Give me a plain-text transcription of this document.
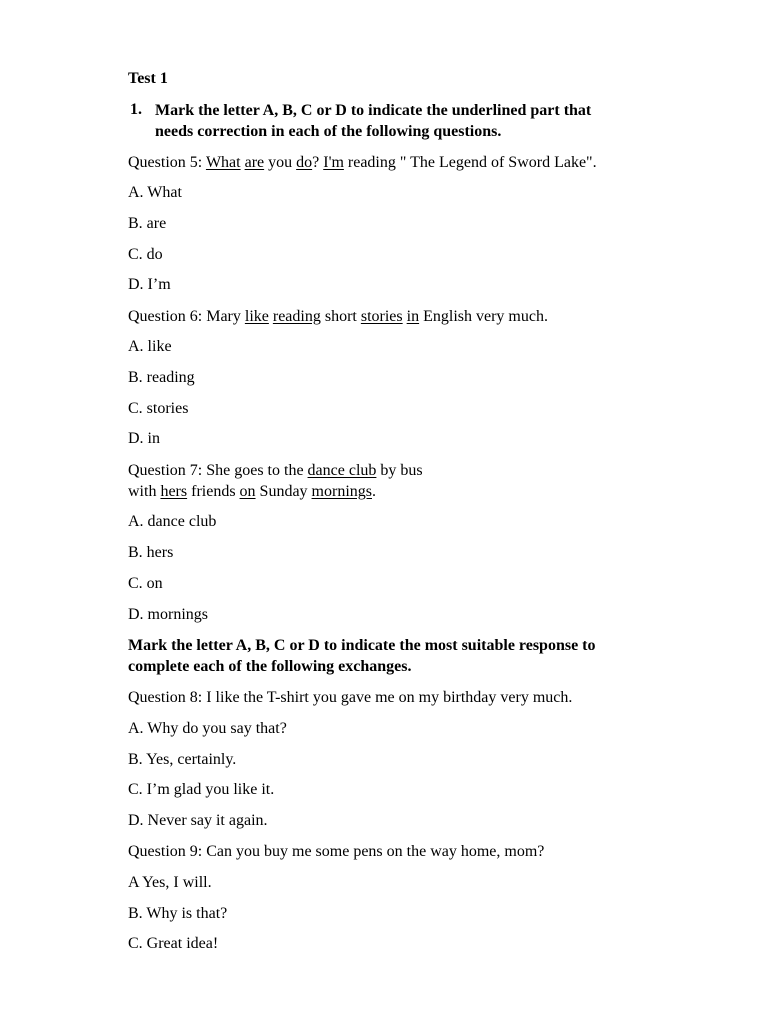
Test 1
1. Mark the letter A, B, C or D to indicate the underlined part that
needs correction in each of the following questions.
Question 5: What are you do? I'm reading " The Legend of Sword Lake".
A. What
B. are
C. do
D. I’m
Question 6: Mary like reading short stories in English very much.
A. like
B. reading
C. stories
D. in
Question 7: She goes to the dance club by bus
with hers friends on Sunday mornings.
A. dance club
B. hers
C. on
D. mornings
Mark the letter A, B, C or D to indicate the most suitable response to
complete each of the following exchanges.
Question 8: I like the T-shirt you gave me on my birthday very much.
A. Why do you say that?
B. Yes, certainly.
C. I’m glad you like it.
D. Never say it again.
Question 9: Can you buy me some pens on the way home, mom?
A Yes, I will.
B. Why is that?
C. Great idea!
